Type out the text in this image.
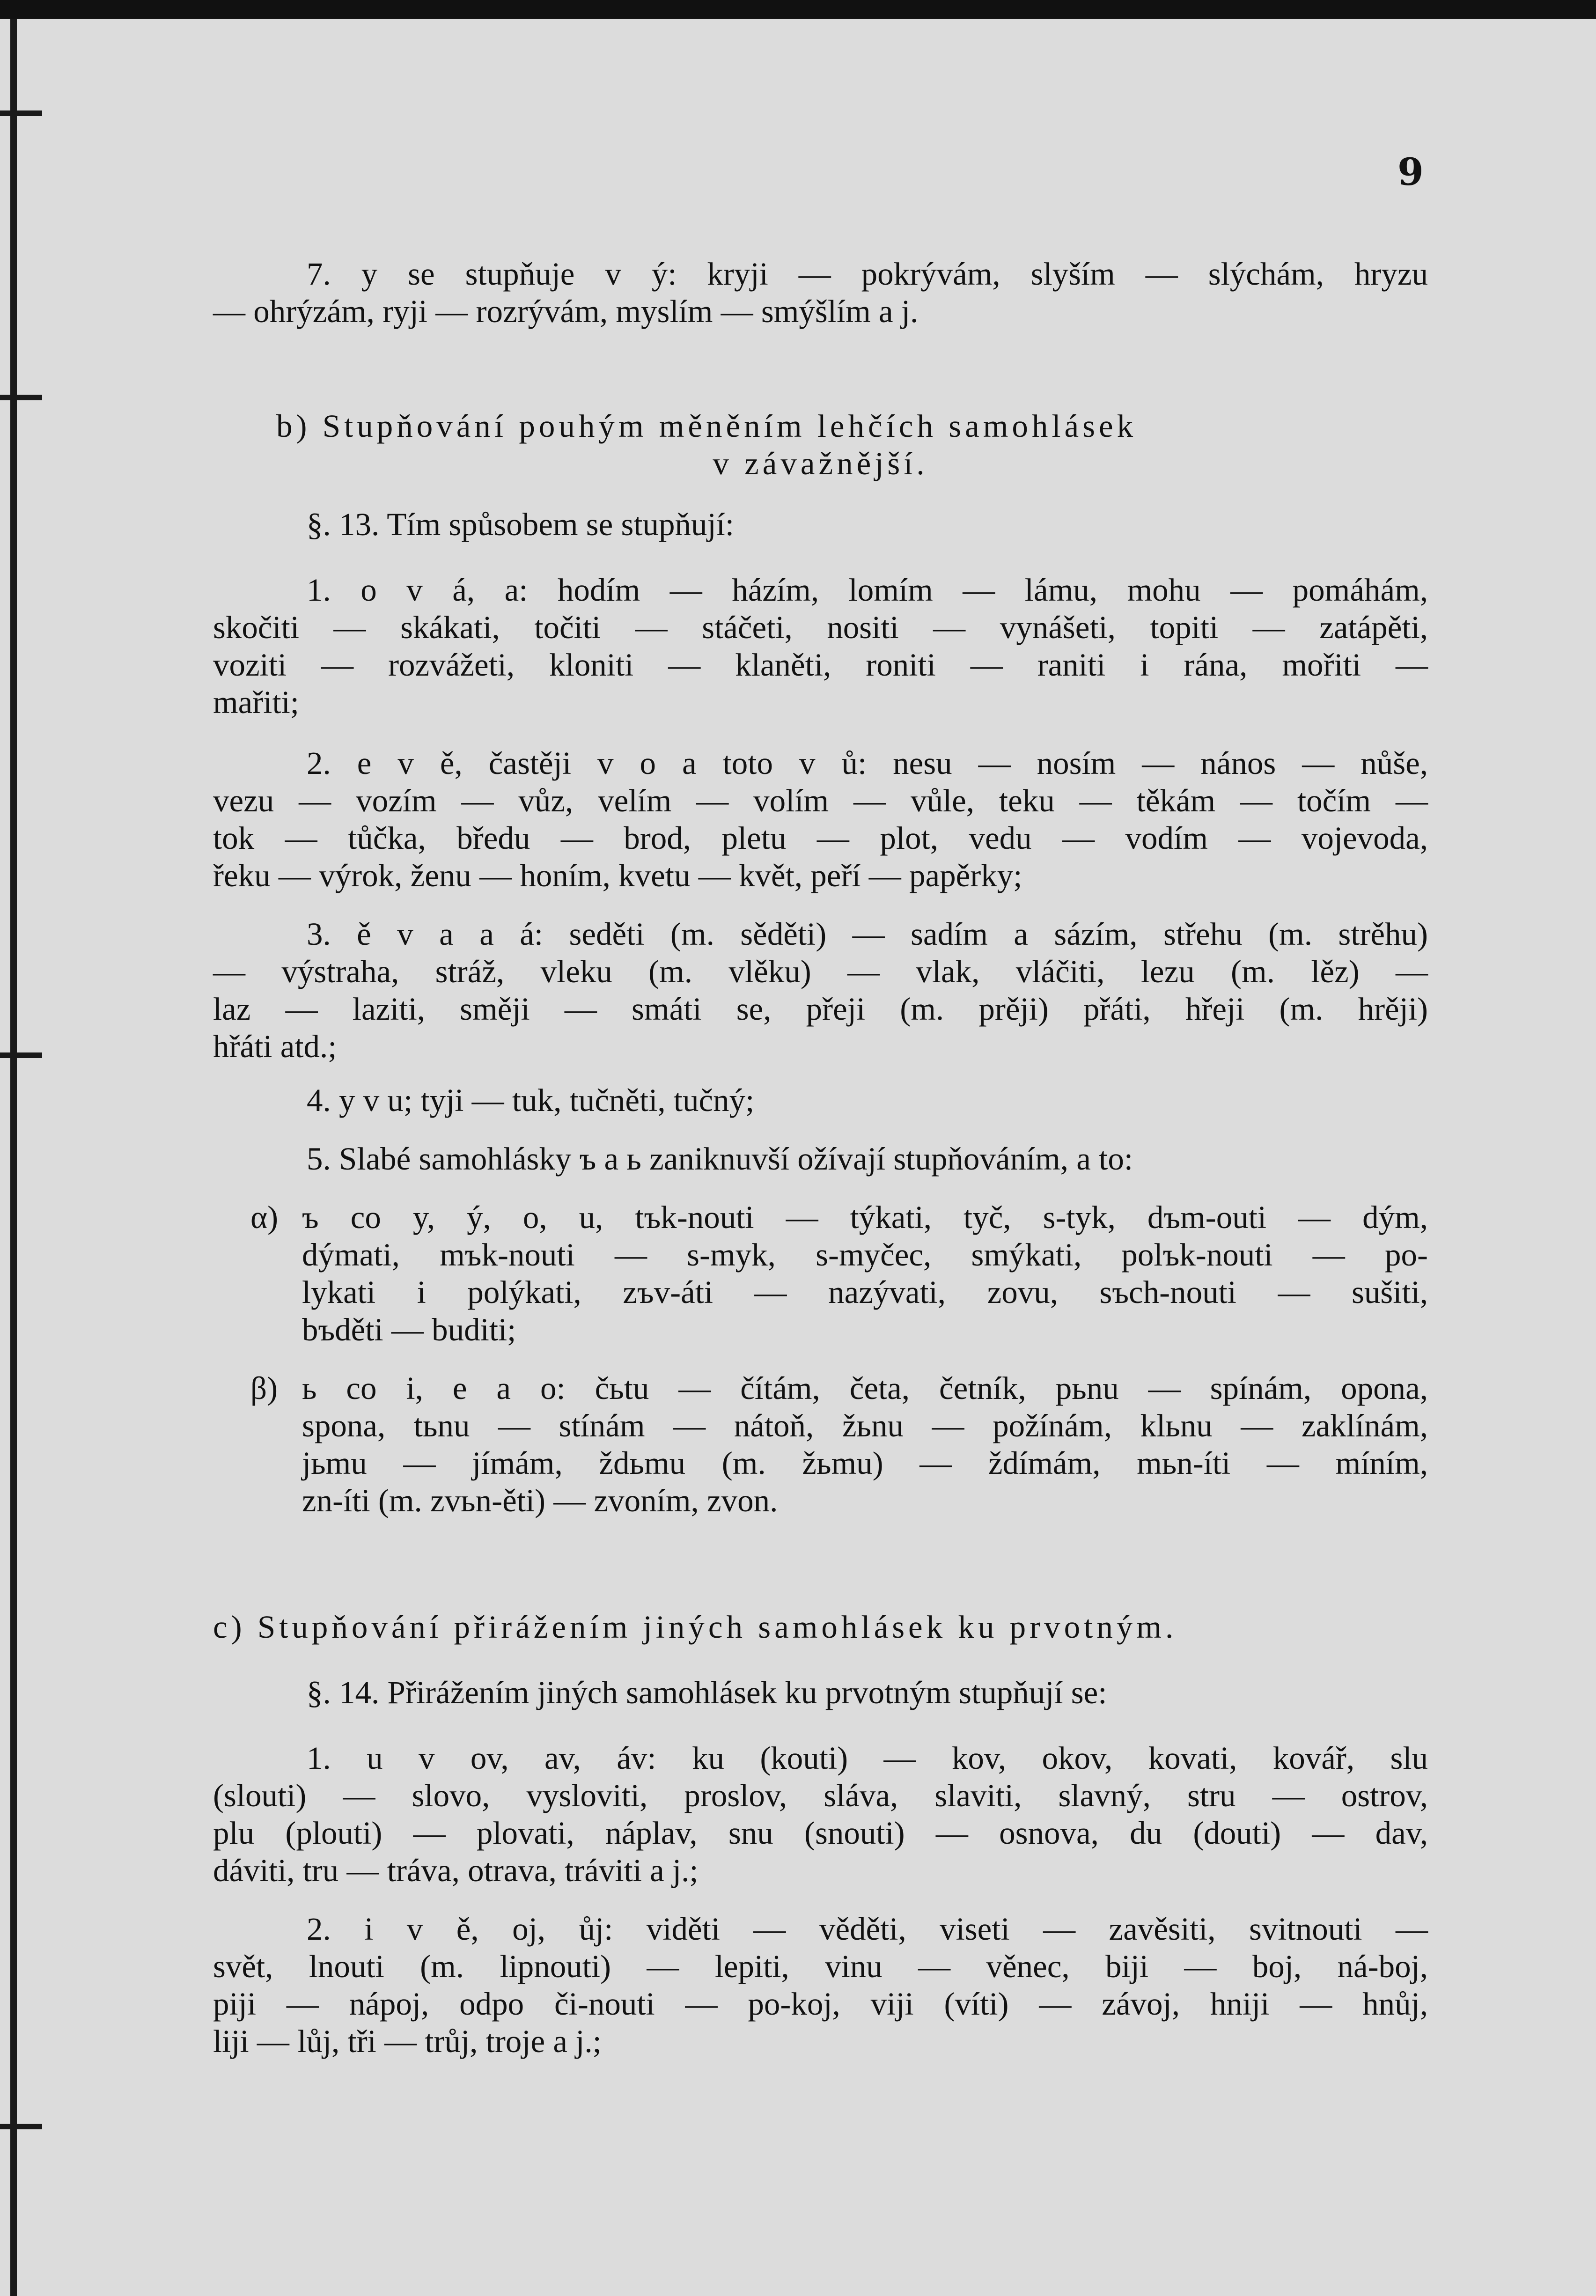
9
7. y se stupňuje v ý: kryji — pokrývám, slyším — slýchám, hryzu
— ohrýzám, ryji — rozrývám, myslím — smýšlím a j.
b) Stupňování pouhým měněním lehčích samohlásek
v závažnější.
§. 13. Tím spůsobem se stupňují:
1. o v á, a: hodím — házím, lomím — lámu, mohu — pomáhám,
skočiti — skákati, točiti — stáčeti, nositi — vynášeti, topiti — zatápěti,
voziti — rozvážeti, kloniti — klaněti, roniti — raniti i rána, mořiti —
mařiti;
2. e v ě, častěji v o a toto v ů: nesu — nosím — nános — nůše,
vezu — vozím — vůz, velím — volím — vůle, teku — těkám — točím —
tok — tůčka, bředu — brod, pletu — plot, vedu — vodím — vojevoda,
řeku — výrok, ženu — honím, kvetu — květ, peří — papěrky;
3. ě v a a á: seděti (m. sěděti) — sadím a sázím, střehu (m. strěhu)
— výstraha, stráž, vleku (m. vlěku) — vlak, vláčiti, lezu (m. lěz) —
laz — laziti, směji — smáti se, přeji (m. prěji) přáti, hřeji (m. hrěji)
hřáti atd.;
4. y v u; tyji — tuk, tučněti, tučný;
5. Slabé samohlásky ъ a ь zaniknuvší ožívají stupňováním, a to:
α) ъ co y, ý, o, u, tъk-nouti — týkati, tyč, s-tyk, dъm-outi — dým,
dýmati, mъk-nouti — s-myk, s-myčec, smýkati, polъk-nouti — po-
lykati i polýkati, zъv-áti — nazývati, zovu, sъch-nouti — sušiti,
bъděti — buditi;
β) ь co i, e a o: čьtu — čítám, četa, četník, pьnu — spínám, opona,
spona, tьnu — stínám — nátoň, žьnu — požínám, klьnu — zaklínám,
jьmu — jímám, ždьmu (m. žьmu) — ždímám, mьn-íti — míním,
zn-íti (m. zvьn-ěti) — zvoním, zvon.
c) Stupňování přirážením jiných samohlásek ku prvotným.
§. 14. Přirážením jiných samohlásek ku prvotným stupňují se:
1. u v ov, av, áv: ku (kouti) — kov, okov, kovati, kovář, slu
(slouti) — slovo, vysloviti, proslov, sláva, slaviti, slavný, stru — ostrov,
plu (plouti) — plovati, náplav, snu (snouti) — osnova, du (douti) — dav,
dáviti, tru — tráva, otrava, tráviti a j.;
2. i v ě, oj, ůj: viděti — věděti, viseti — zavěsiti, svitnouti —
svět, lnouti (m. lipnouti) — lepiti, vinu — věnec, biji — boj, ná-boj,
piji — nápoj, odpo či-nouti — po-koj, viji (víti) — závoj, hniji — hnůj,
liji — lůj, tři — trůj, troje a j.;
